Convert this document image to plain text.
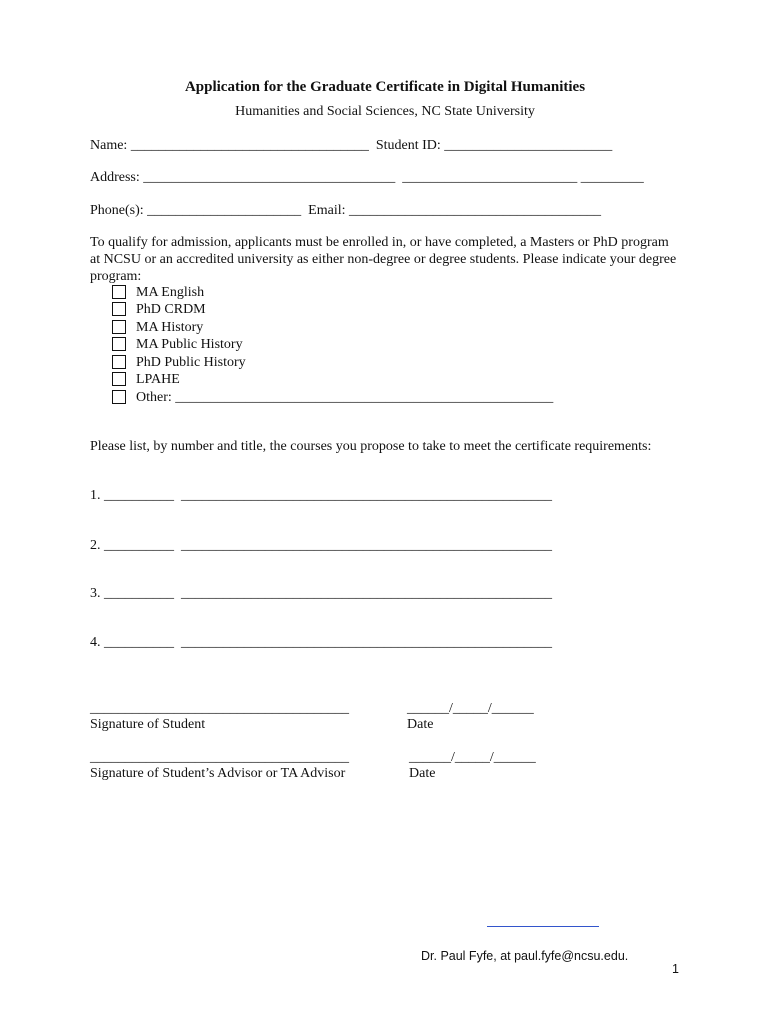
Application for the Graduate Certificate in Digital Humanities
Humanities and Social Sciences, NC State University
Name: __________________________________  Student ID: ________________________
Address: ____________________________________  _________________________ _________
Phone(s): ______________________  Email: ____________________________________
To qualify for admission, applicants must be enrolled in, or have completed, a Masters or PhD program
at NCSU or an accredited university as either non-degree or degree students. Please indicate your degree
program:
MA English
PhD CRDM
MA History
MA Public History
PhD Public History
LPAHE
Other: ______________________________________________________
Please list, by number and title, the courses you propose to take to meet the certificate requirements:
1. __________  _____________________________________________________
2. __________  _____________________________________________________
3. __________  _____________________________________________________
4. __________  _____________________________________________________
_____________________________________
Signature of Student
______/_____/______
Date
_____________________________________
Signature of Student’s Advisor or TA Advisor
______/_____/______
Date
Dr. Paul Fyfe, at paul.fyfe@ncsu.edu.
1
